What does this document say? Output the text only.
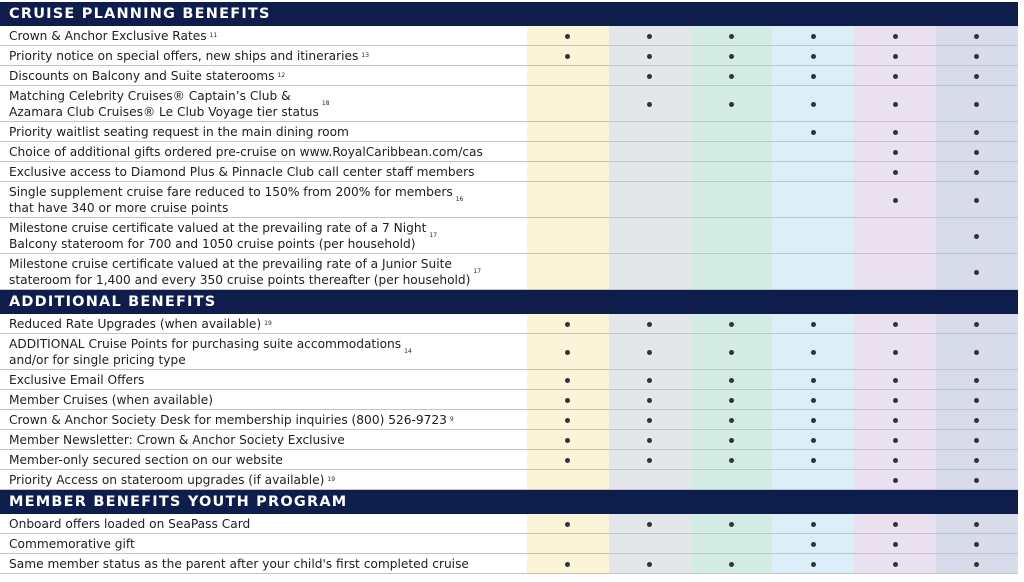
CRUISE PLANNING BENEFITS
Crown & Anchor Exclusive Rates 11
Priority notice on special offers, new ships and itineraries 13
Discounts on Balcony and Suite staterooms 12
Matching Celebrity Cruises® Captain’s Club &
Azamara Club Cruises® Le Club Voyage tier status
18
Priority waitlist seating request in the main dining room
Choice of additional gifts ordered pre-cruise on www.RoyalCaribbean.com/cas
Exclusive access to Diamond Plus & Pinnacle Club call center staff members
Single supplement cruise fare reduced to 150% from 200% for members
that have 340 or more cruise points
16
Milestone cruise certificate valued at the prevailing rate of a 7 Night
Balcony stateroom for 700 and 1050 cruise points (per household)
17
Milestone cruise certificate valued at the prevailing rate of a Junior Suite
stateroom for 1,400 and every 350 cruise points thereafter (per household)
17
ADDITIONAL BENEFITS
Reduced Rate Upgrades (when available) 19
ADDITIONAL Cruise Points for purchasing suite accommodations
and/or for single pricing type
14
Exclusive Email Offers
Member Cruises (when available)
Crown & Anchor Society Desk for membership inquiries (800) 526-9723 9
Member Newsletter: Crown & Anchor Society Exclusive
Member-only secured section on our website
Priority Access on stateroom upgrades (if available) 19
MEMBER BENEFITS YOUTH PROGRAM
Onboard offers loaded on SeaPass Card
Commemorative gift
Same member status as the parent after your child's first completed cruise
